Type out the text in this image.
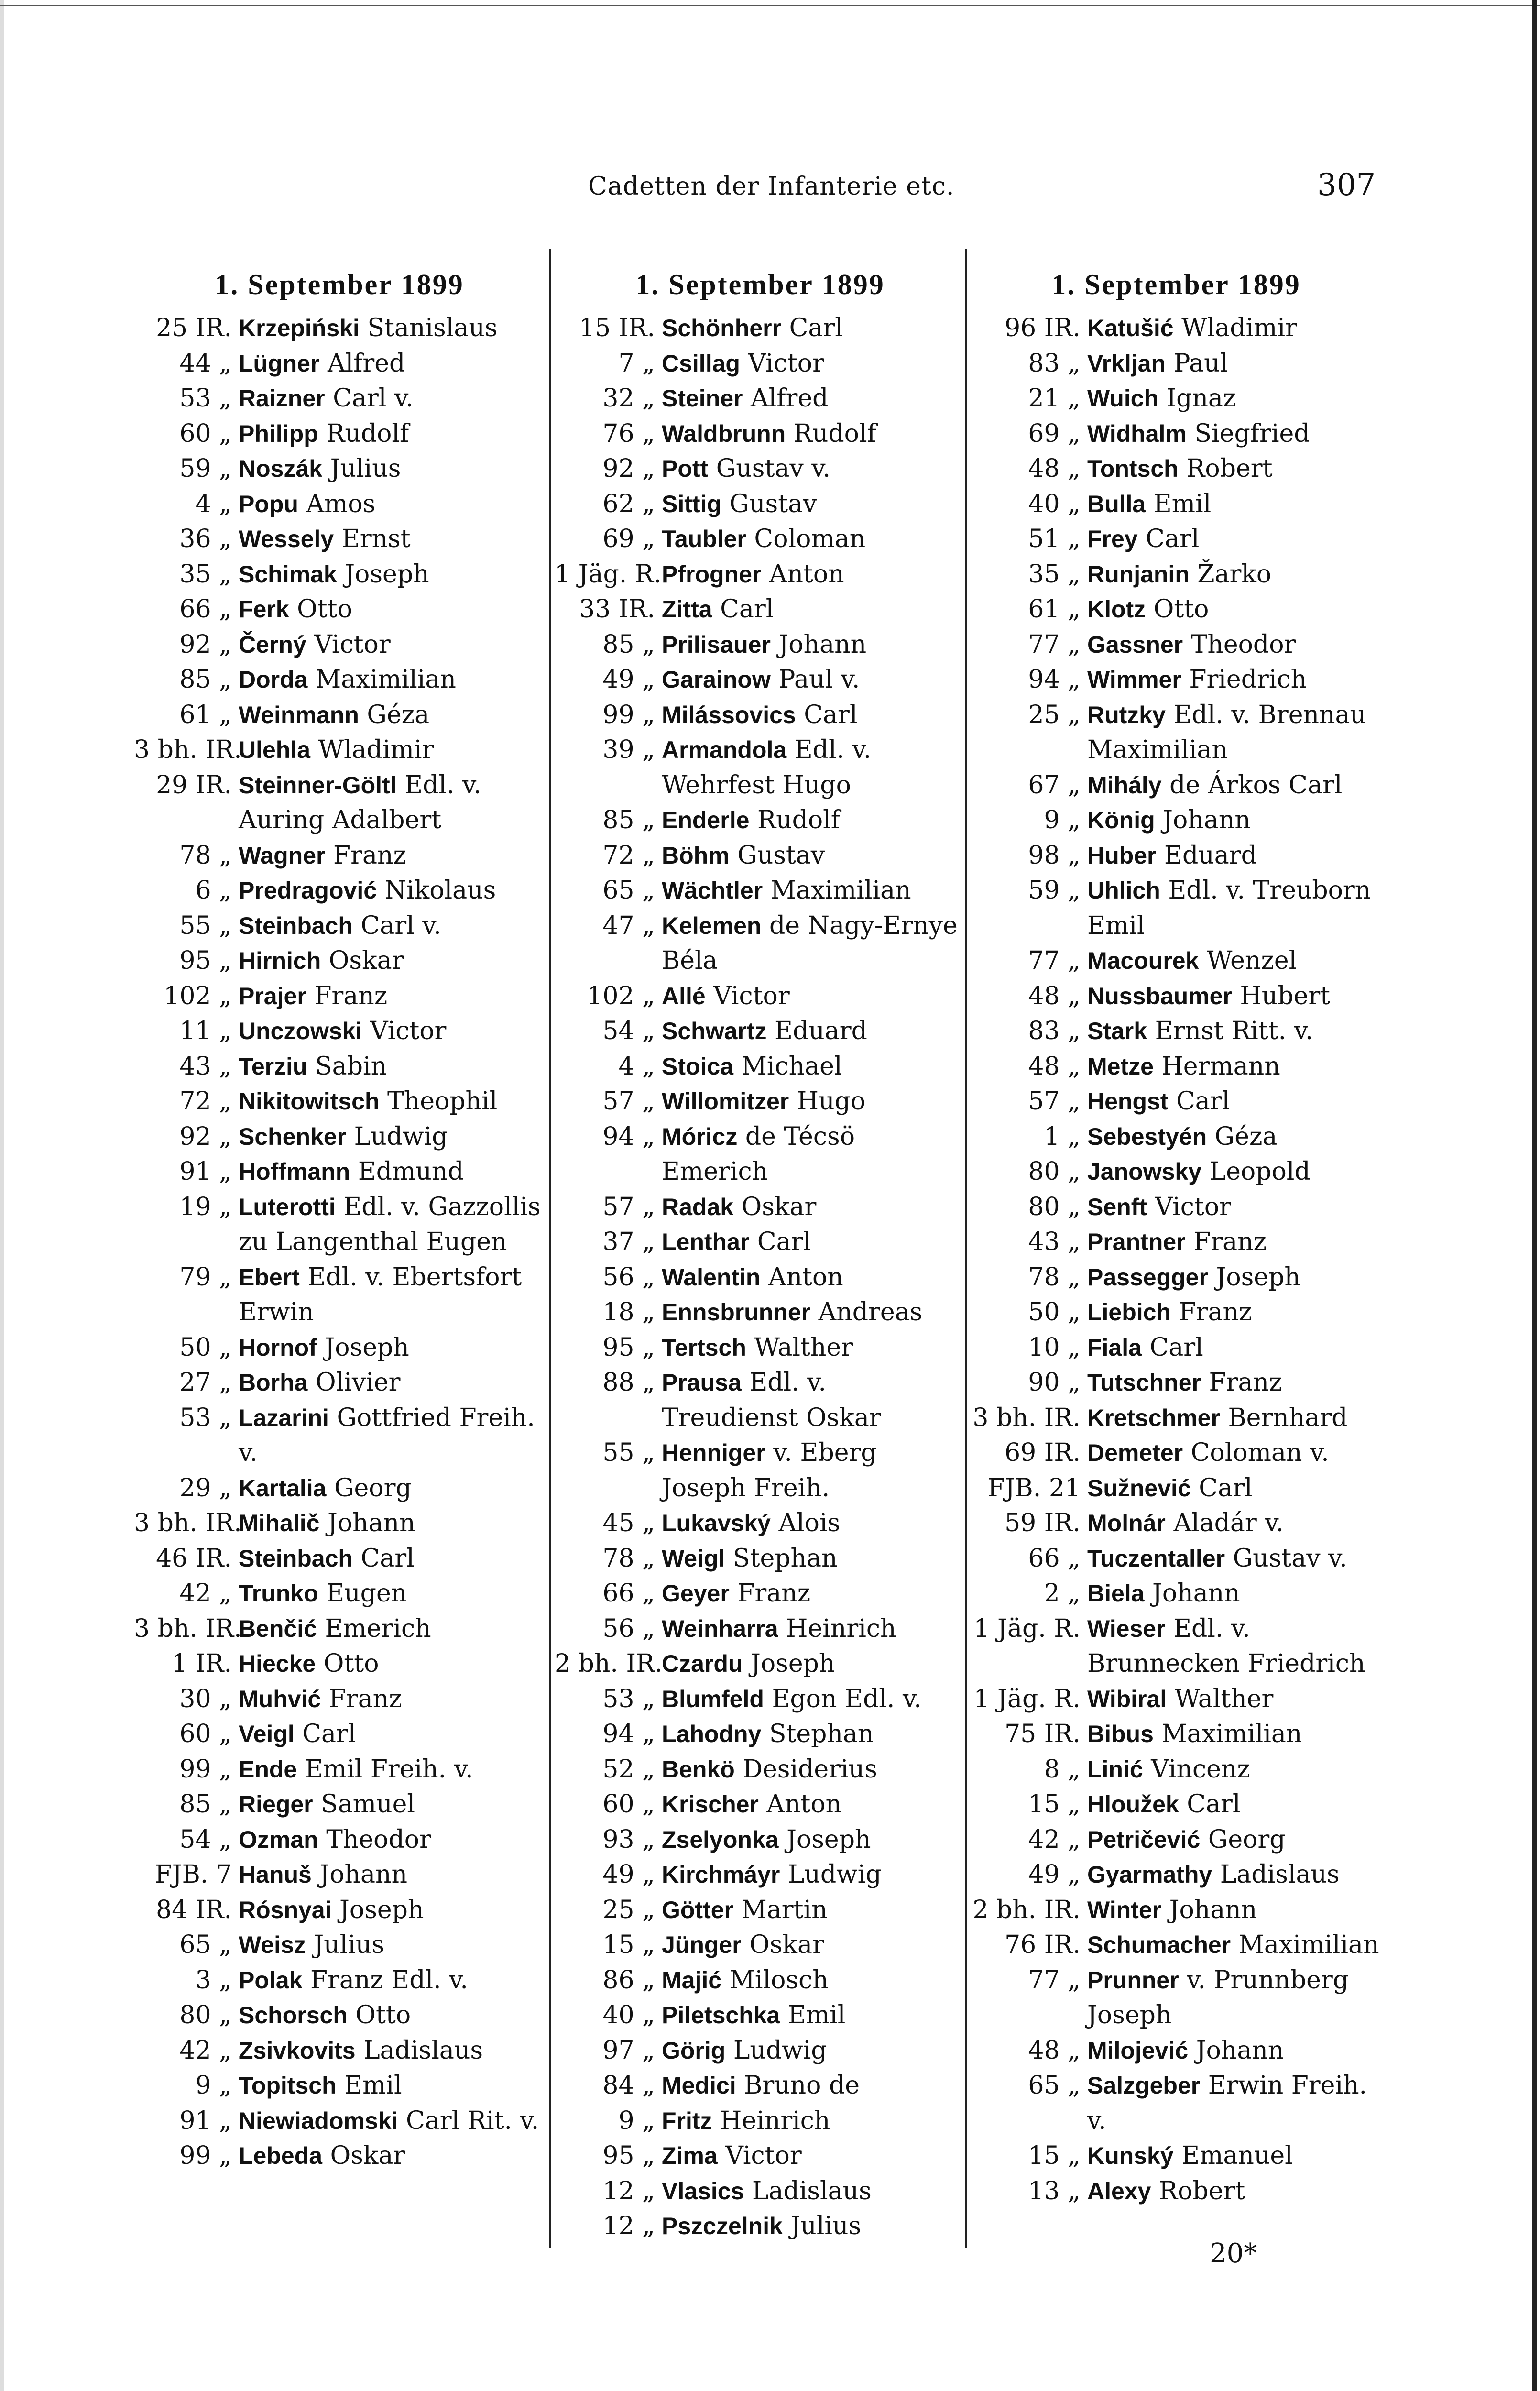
Cadetten der Infanterie etc.	307
1. September 1899
25 IR. Krzepiński Stanislaus
44 „ Lügner Alfred
53 „ Raizner Carl v.
60 „ Philipp Rudolf
59 „ Noszák Julius
4 „ Popu Amos
36 „ Wessely Ernst
35 „ Schimak Joseph
66 „ Ferk Otto
92 „ Černý Victor
85 „ Dorda Maximilian
61 „ Weinmann Géza
3 bh. IR.
Ulehla Wladimir
29 IR. Steinner-Göltl Edl. v. Auring Adalbert
78 „ Wagner Franz
6 „ Predragović Nikolaus
55 „ Steinbach Carl v.
95 „ Hirnich Oskar
102 „ Prajer Franz
11 „ Unczowski Victor
43 „ Terziu Sabin
72 „ Nikitowitsch Theophil
92 „ Schenker Ludwig
91 „ Hoffmann Edmund
19 „ Luterotti Edl. v. Gazzollis zu Langenthal Eugen
79 „ Ebert Edl. v. Ebertsfort Erwin
50 „ Hornof Joseph
27 „ Borha Olivier
53 „ Lazarini Gottfried Freih. v.
29 „ Kartalia Georg
3 bh. IR.
Mihalič Johann
46 IR. Steinbach Carl
42 „ Trunko Eugen
3 bh. IR.
Benčić Emerich
1 IR. Hiecke Otto
30 „ Muhvić Franz
60 „ Veigl Carl
99 „ Ende Emil Freih. v.
85 „ Rieger Samuel
54 „ Ozman Theodor
FJB. 7 Hanuš Johann
84 IR. Rósnyai Joseph
65 „ Weisz Julius
3 „ Polak Franz Edl. v.
80 „ Schorsch Otto
42 „ Zsivkovits Ladislaus
9 „ Topitsch Emil
91 „ Niewiadomski Carl Rit. v.
99 „ Lebeda Oskar
1. September 1899
15 IR. Schönherr Carl
7 „ Csillag Victor
32 „ Steiner Alfred
76 „ Waldbrunn Rudolf
92 „ Pott Gustav v.
62 „ Sittig Gustav
69 „ Taubler Coloman
1 Jäg. R. Pfrogner Anton
33 IR. Zitta Carl
85 „ Prilisauer Johann
49 „ Garainow Paul v.
99 „ Milássovics Carl
39 „ Armandola Edl. v. Wehrfest Hugo
85 „ Enderle Rudolf
72 „ Böhm Gustav
65 „ Wächtler Maximilian
47 „ Kelemen de Nagy-Ernye Béla
102 „ Allé Victor
54 „ Schwartz Eduard
4 „ Stoica Michael
57 „ Willomitzer Hugo
94 „ Móricz de Técsö Emerich
57 „ Radak Oskar
37 „ Lenthar Carl
56 „ Walentin Anton
18 „ Ennsbrunner Andreas
95 „ Tertsch Walther
88 „ Prausa Edl. v. Treudienst Oskar
55 „ Henniger v. Eberg Joseph Freih.
45 „ Lukavský Alois
78 „ Weigl Stephan
66 „ Geyer Franz
56 „ Weinharra Heinrich
2 bh. IR.
Czardu Joseph
53 „ Blumfeld Egon Edl. v.
94 „ Lahodny Stephan
52 „ Benkö Desiderius
60 „ Krischer Anton
93 „ Zselyonka Joseph
49 „ Kirchmáyr Ludwig
25 „ Götter Martin
15 „ Jünger Oskar
86 „ Majić Milosch
40 „ Piletschka Emil
97 „ Görig Ludwig
84 „ Medici Bruno de
9 „ Fritz Heinrich
95 „ Zima Victor
12 „ Vlasics Ladislaus
12 „ Pszczelnik Julius
1. September 1899
96 IR. Katušić Wladimir
83 „ Vrkljan Paul
21 „ Wuich Ignaz
69 „ Widhalm Siegfried
48 „ Tontsch Robert
40 „ Bulla Emil
51 „ Frey Carl
35 „ Runjanin Žarko
61 „ Klotz Otto
77 „ Gassner Theodor
94 „ Wimmer Friedrich
25 „ Rutzky Edl. v. Brennau Maximilian
67 „ Mihály de Árkos Carl
9 „ König Johann
98 „ Huber Eduard
59 „ Uhlich Edl. v. Treuborn Emil
77 „ Macourek Wenzel
48 „ Nussbaumer Hubert
83 „ Stark Ernst Ritt. v.
48 „ Metze Hermann
57 „ Hengst Carl
1 „ Sebestyén Géza
80 „ Janowsky Leopold
80 „ Senft Victor
43 „ Prantner Franz
78 „ Passegger Joseph
50 „ Liebich Franz
10 „ Fiala Carl
90 „ Tutschner Franz
3 bh. IR. Kretschmer Bernhard
69 IR. Demeter Coloman v.
FJB. 21 Sužnević Carl
59 IR. Molnár Aladár v.
66 „ Tuczentaller Gustav v.
2 „ Biela Johann
1 Jäg. R. Wieser Edl. v. Brunnecken Friedrich
1 Jäg. R. Wibiral Walther
75 IR. Bibus Maximilian
8 „ Linić Vincenz
15 „ Hloužek Carl
42 „ Petričević Georg
49 „ Gyarmathy Ladislaus
2 bh. IR. Winter Johann
76 IR. Schumacher Maximilian
77 „ Prunner v. Prunnberg Joseph
48 „ Milojević Johann
65 „ Salzgeber Erwin Freih. v.
15 „ Kunský Emanuel
13 „ Alexy Robert
20*
